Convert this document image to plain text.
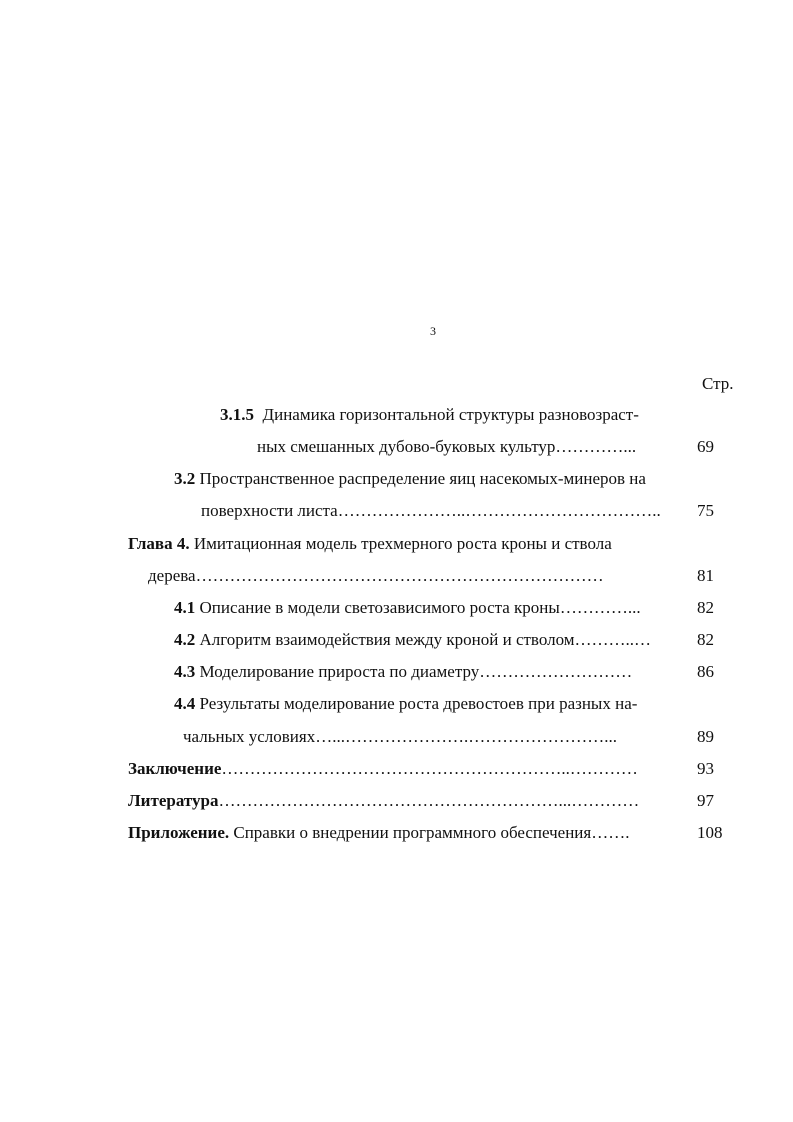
3
Стр.
3.1.5 Динамика горизонтальной структуры разновозраст-
ных смешанных дубово-буковых культур…………...	69
3.2 Пространственное распределение яиц насекомых-минеров на
поверхности листа…………………..…………………………….. 75
Глава 4. Имитационная модель трехмерного роста кроны и ствола
дерева………………………………………………………………	81
4.1 Описание в модели светозависимого роста кроны…………...	82
4.2 Алгоритм взаимодействия между кроной и стволом………..…	82
4.3 Моделирование прироста по диаметру………………………	86
4.4 Результаты моделирование роста древостоев при разных на-
чальных условиях…...………………….……………………...	89
Заключение……………………………………………………..…………	93
Литература……………………………………………………...…………	97
Приложение. Справки о внедрении программного обеспечения…….	108
